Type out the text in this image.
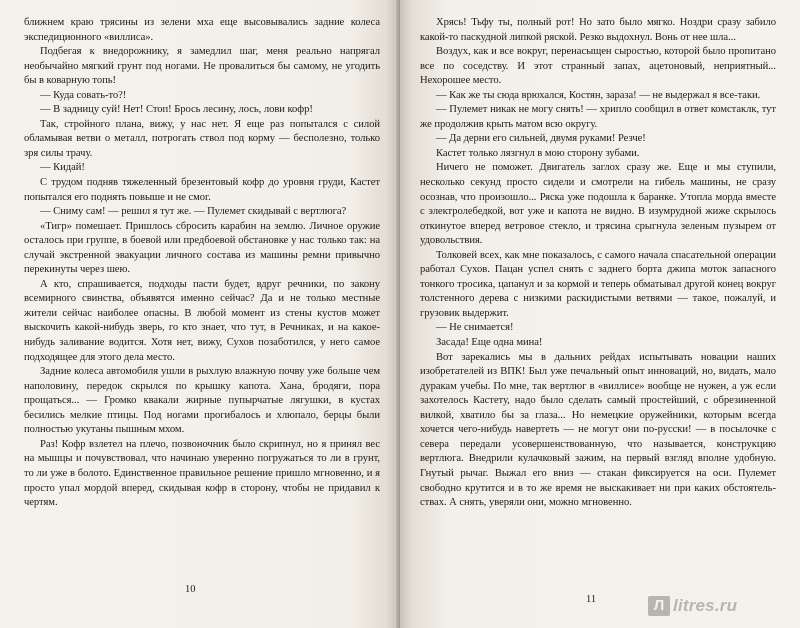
ближнем краю трясины из зелени мха еще высовывались задние колеса экспедиционного «виллиса».

Подбегая к внедорожнику, я замедлил шаг, меня реально напрягал необычайно мягкий грунт под ногами. Не провалиться бы самому, не угодить бы в коварную топь!

— Куда совать-то?!

— В задницу суй! Нет! Стоп! Брось лесину, лось, лови кофр!

Так, стройного плана, вижу, у нас нет. Я еще раз попытался с силой обламывая ветви о металл, потрогать ствол под корму — бесполезно, только зря силы трачу.

— Кидай!

С трудом подняв тяжеленный брезентовый кофр до уровня груди, Кастет попытался его поднять повыше и не смог.

— Сниму сам! — решил я тут же. — Пулемет скидывай с вертлюга?

«Тигр» помешает. Пришлось сбросить карабин на землю. Личное оружие осталось при группе, в боевой или предбоевой обстановке у нас только так: на случай экстренной эвакуации личного состава из машины ремни привычно перекинуты через шею.

А кто, спрашивается, подходы пасти будет, вдруг речники, по закону всемирного свинства, объявятся именно сейчас? Да и не только местные жители сейчас наиболее опасны. В любой момент из стены кустов может выскочить какой-нибудь зверь, го кто знает, что тут, в Речниках, и на какое-нибудь заливание водится. Хотя нет, вижу, Сухов позаботился, у него самое подходящее для этого дела место.

Задние колеса автомобиля ушли в рыхлую влажную почву уже больше чем наполовину, передок скрылся по крышку капота. Хана, бродяги, пора прощаться... — Громко квакали жирные пупырчатые лягушки, в кустах бесились мелкие птицы. Под ногами прогибалось и хлюпало, берцы были полностью укутаны пышным мхом.

Раз! Кофр взлетел на плечо, позвоночник было скрипнул, но я принял вес на мышцы и почувствовал, что начинаю уверенно погружаться то ли в грунт, то ли уже в болото. Единственное правильное решение пришло мгновенно, и я просто упал мордой вперед, скидывая кофр в сторону, чтобы не придавил к чертям.

10

Хрясь! Тьфу ты, полный рот! Но зато было мягко. Ноздри сразу забило какой-то паскудной липкой ряской. Резко выдохнул. Вонь от нее шла...

Воздух, как и все вокруг, перенасыщен сыростью, которой было пропитано все по соседству. И этот странный запах, ацетоновый, неприятный... Нехорошее место.

— Как же ты сюда врюхался, Костян, зараза! — не выдержал я все-таки.

— Пулемет никак не могу снять! — хрипло сообщил в ответ комстаклк, тут же продолжив крыть матом всю округу.

— Да дерни его сильней, двумя руками! Резче!

Кастет только лязгнул в мою сторону зубами.

Ничего не поможет. Двигатель заглох сразу же. Еще и мы ступили, несколько секунд просто сидели и смотрели на гибель машины, не сразу осознав, что произошло... Ряска уже подошла к баранке. Утопла морда вместе с электролебедкой, вот уже и капота не видно. В изумрудной жиже скрылось откинутое вперед ветровое стекло, и трясина срыгнула зеленым пузырем от удовольствия.

Толковей всех, как мне показалось, с самого начала спасательной операции работал Сухов. Пацан успел снять с заднего борта джипа моток запасного тонкого тросика, цапанул и за кормой и теперь обматывал другой конец вокруг толстенного дерева с низкими раскидистыми ветвями — такое, пожалуй, и грузовик выдержит.

— Не снимается!

Засада! Еще одна мина!

Вот зарекались мы в дальних рейдах испытывать новации наших изобретателей из ВПК! Был уже печальный опыт инноваций, но, видать, мало дуракам учебы. По мне, так вертлюг в «виллисе» вообще не нужен, а уж если захотелось Кастету, надо было сделать самый простейший, с обрезиненной вилкой, хватило бы за глаза... Но немецкие оружейники, которым всегда хочется чего-нибудь навертеть — не могут они по-русски! — в посылочке с севера передали усовершенствованную, что называется, конструкцию вертлюга. Внедрили кулачковый зажим, на первый взгляд вполне удобную. Гнутый рычаг. Выжал его вниз — стакан фиксируется на оси. Пулемет свободно крутится и в то же время не выскакивает ни при каких обстоятельствах. А снять, уверяли они, можно мгновенно.

11	Л litres.ru
